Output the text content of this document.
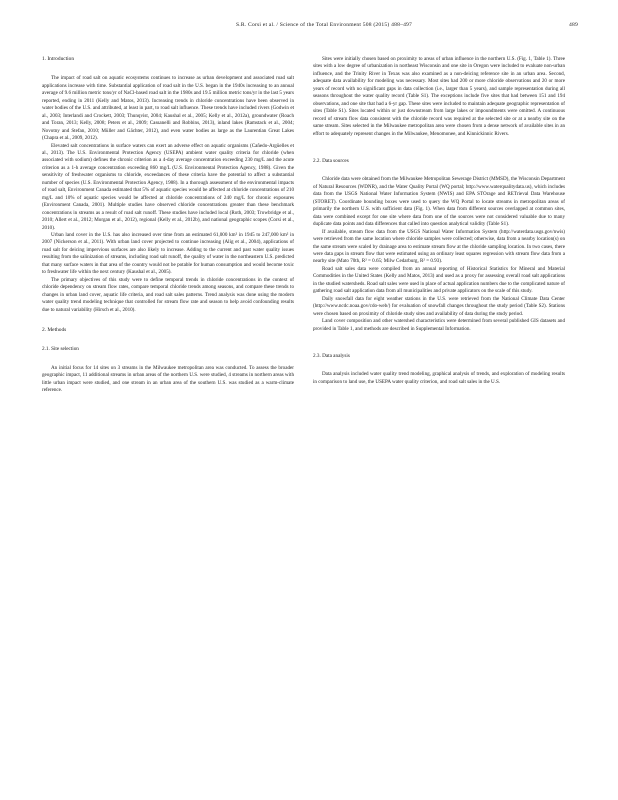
S.R. Corsi et al. / Science of the Total Environment 508 (2015) 488–497	489
1. Introduction

The impact of road salt on aquatic ecosystems continues to increase as urban development and associated road salt applications increase with time. Substantial application of road salt in the U.S. began in the 1940s increasing to an annual average of 9.6 million metric tons/yr of NaCl-based road salt in the 1980s and 19.5 million metric tons/yr in the last 5 years reported, ending in 2011 (Kelly and Matos, 2013). Increasing trends in chloride concentrations have been observed in water bodies of the U.S. and attributed, at least in part, to road salt influence. These trends have included rivers (Godwin et al., 2003; Interlandi and Crockett, 2003; Thunqvist, 2004; Kaushal et al., 2005; Kelly et al., 2012a), groundwater (Roach and Toran, 2013; Kelly, 2008; Peters et al., 2009; Cassanelli and Robbins, 2013), inland lakes (Ramstack et al., 2004; Novotny and Stefan, 2010; Müller and Gächter, 2012), and even water bodies as large as the Laurentian Great Lakes (Chapra et al., 2009, 2012).

Elevated salt concentrations in surface waters can exert an adverse effect on aquatic organisms (Cañedo-Argüelles et al., 2013). The U.S. Environmental Protection Agency (USEPA) ambient water quality criteria for chloride (when associated with sodium) defines the chronic criterion as a 4-day average concentration exceeding 230 mg/L and the acute criterion as a 1-h average concentration exceeding 860 mg/L (U.S. Environmental Protection Agency, 1988). Given the sensitivity of freshwater organisms to chloride, exceedances of these criteria have the potential to affect a substantial number of species (U.S. Environmental Protection Agency, 1988). In a thorough assessment of the environmental impacts of road salt, Environment Canada estimated that 5% of aquatic species would be affected at chloride concentrations of 210 mg/L and 10% of aquatic species would be affected at chloride concentrations of 240 mg/L for chronic exposures (Environment Canada, 2001). Multiple studies have observed chloride concentrations greater than these benchmark concentrations in streams as a result of road salt runoff. These studies have included local (Roth, 2003; Trowbridge et al., 2010; Allert et al., 2012; Morgan et al., 2012), regional (Kelly et al., 2012b), and national geographic scopes (Corsi et al., 2010).

Urban land cover in the U.S. has also increased over time from an estimated 61,000 km² in 1945 to 247,000 km² in 2007 (Nickerson et al., 2011). With urban land cover projected to continue increasing (Alig et al., 2004), applications of road salt for deicing impervious surfaces are also likely to increase. Adding to the current and past water quality issues resulting from the salinization of streams, including road salt runoff, the quality of water in the northeastern U.S. predicted that many surface waters in that area of the country would not be potable for human consumption and would become toxic to freshwater life within the next century (Kaushal et al., 2005).

The primary objectives of this study were to define temporal trends in chloride concentrations in the context of chloride dependency on stream flow rates, compare temporal chloride trends among seasons, and compare these trends to changes in urban land cover, aquatic life criteria, and road salt sales patterns. Trend analysis was done using the modern water quality trend modeling technique that controlled for stream flow rate and season to help avoid confounding results due to natural variability (Hirsch et al., 2010).

2. Methods
2.1. Site selection

An initial focus for 14 sites on 3 streams in the Milwaukee metropolitan area was conducted. To assess the broader geographic impact, 11 additional streams in urban areas of the northern U.S. were studied, 4 streams in northern areas with little urban impact were studied, and one stream in an urban area of the southern U.S. was studied as a warm-climate reference.

Sites were initially chosen based on proximity to areas of urban influence in the northern U.S. (Fig. 1, Table 1). Three sites with a low degree of urbanization in northeast Wisconsin and one site in Oregon were included to evaluate non-urban influence, and the Trinity River in Texas was also examined as a non-deicing reference site in an urban area. Second, adequate data availability for modeling was necessary. Most sites had 200 or more chloride observations and 20 or more years of record with no significant gaps in data collection (i.e., larger than 5 years), and sample representation during all seasons throughout the water quality record (Table S1). The exceptions include five sites that had between 151 and 194 observations, and one site that had a 6-yr gap. These sites were included to maintain adequate geographic representation of sites (Table S1). Sites located within or just downstream from large lakes or impoundments were omitted. A continuous record of stream flow data consistent with the chloride record was required at the selected site or at a nearby site on the same stream. Sites selected in the Milwaukee metropolitan area were chosen from a dense network of available sites in an effort to adequately represent changes in the Milwaukee, Menomonee, and Kinnickinnic Rivers.

2.2. Data sources

Chloride data were obtained from the Milwaukee Metropolitan Sewerage District (MMSD), the Wisconsin Department of Natural Resources (WDNR), and the Water Quality Portal (WQ portal; http://www.waterqualitydata.us), which includes data from the USGS National Water Information System (NWIS) and EPA STOrage and RETrieval Data Warehouse (STORET). Coordinate bounding boxes were used to query the WQ Portal to locate streams in metropolitan areas of primarily the northern U.S. with sufficient data (Fig. 1). When data from different sources overlapped at common sites, data were combined except for one site where data from one of the sources were not considered valuable due to many duplicate data points and data differences that called into question analytical validity (Table S1).

If available, stream flow data from the USGS National Water Information System (http://waterdata.usgs.gov/nwis) were retrieved from the same location where chloride samples were collected; otherwise, data from a nearby location(s) on the same stream were scaled by drainage area to estimate stream flow at the chloride sampling location. In two cases, there were data gaps in stream flow that were estimated using an ordinary least squares regression with stream flow data from a nearby site (Mato 70th, R² = 0.65; Milw Cedarburg, R² = 0.93).

Road salt sales data were compiled from an annual reporting of Historical Statistics for Mineral and Material Commodities in the United States (Kelly and Matos, 2013) and used as a proxy for assessing overall road salt applications in the studied watersheds. Road salt sales were used in place of actual application numbers due to the complicated nature of gathering road salt application data from all municipalities and private applicators on the scale of this study.

Daily snowfall data for eight weather stations in the U.S. were retrieved from the National Climate Data Center (http://www.ncdc.noaa.gov/cdo-web/) for evaluation of snowfall changes throughout the study period (Table S2). Stations were chosen based on proximity of chloride study sites and availability of data during the study period.

Land cover composition and other watershed characteristics were determined from several published GIS datasets and provided in Table 1, and methods are described in Supplemental Information.

2.3. Data analysis

Data analysis included water quality trend modeling, graphical analysis of trends, and exploration of modeling results in comparison to land use, the USEPA water quality criterion, and road salt sales in the U.S.
